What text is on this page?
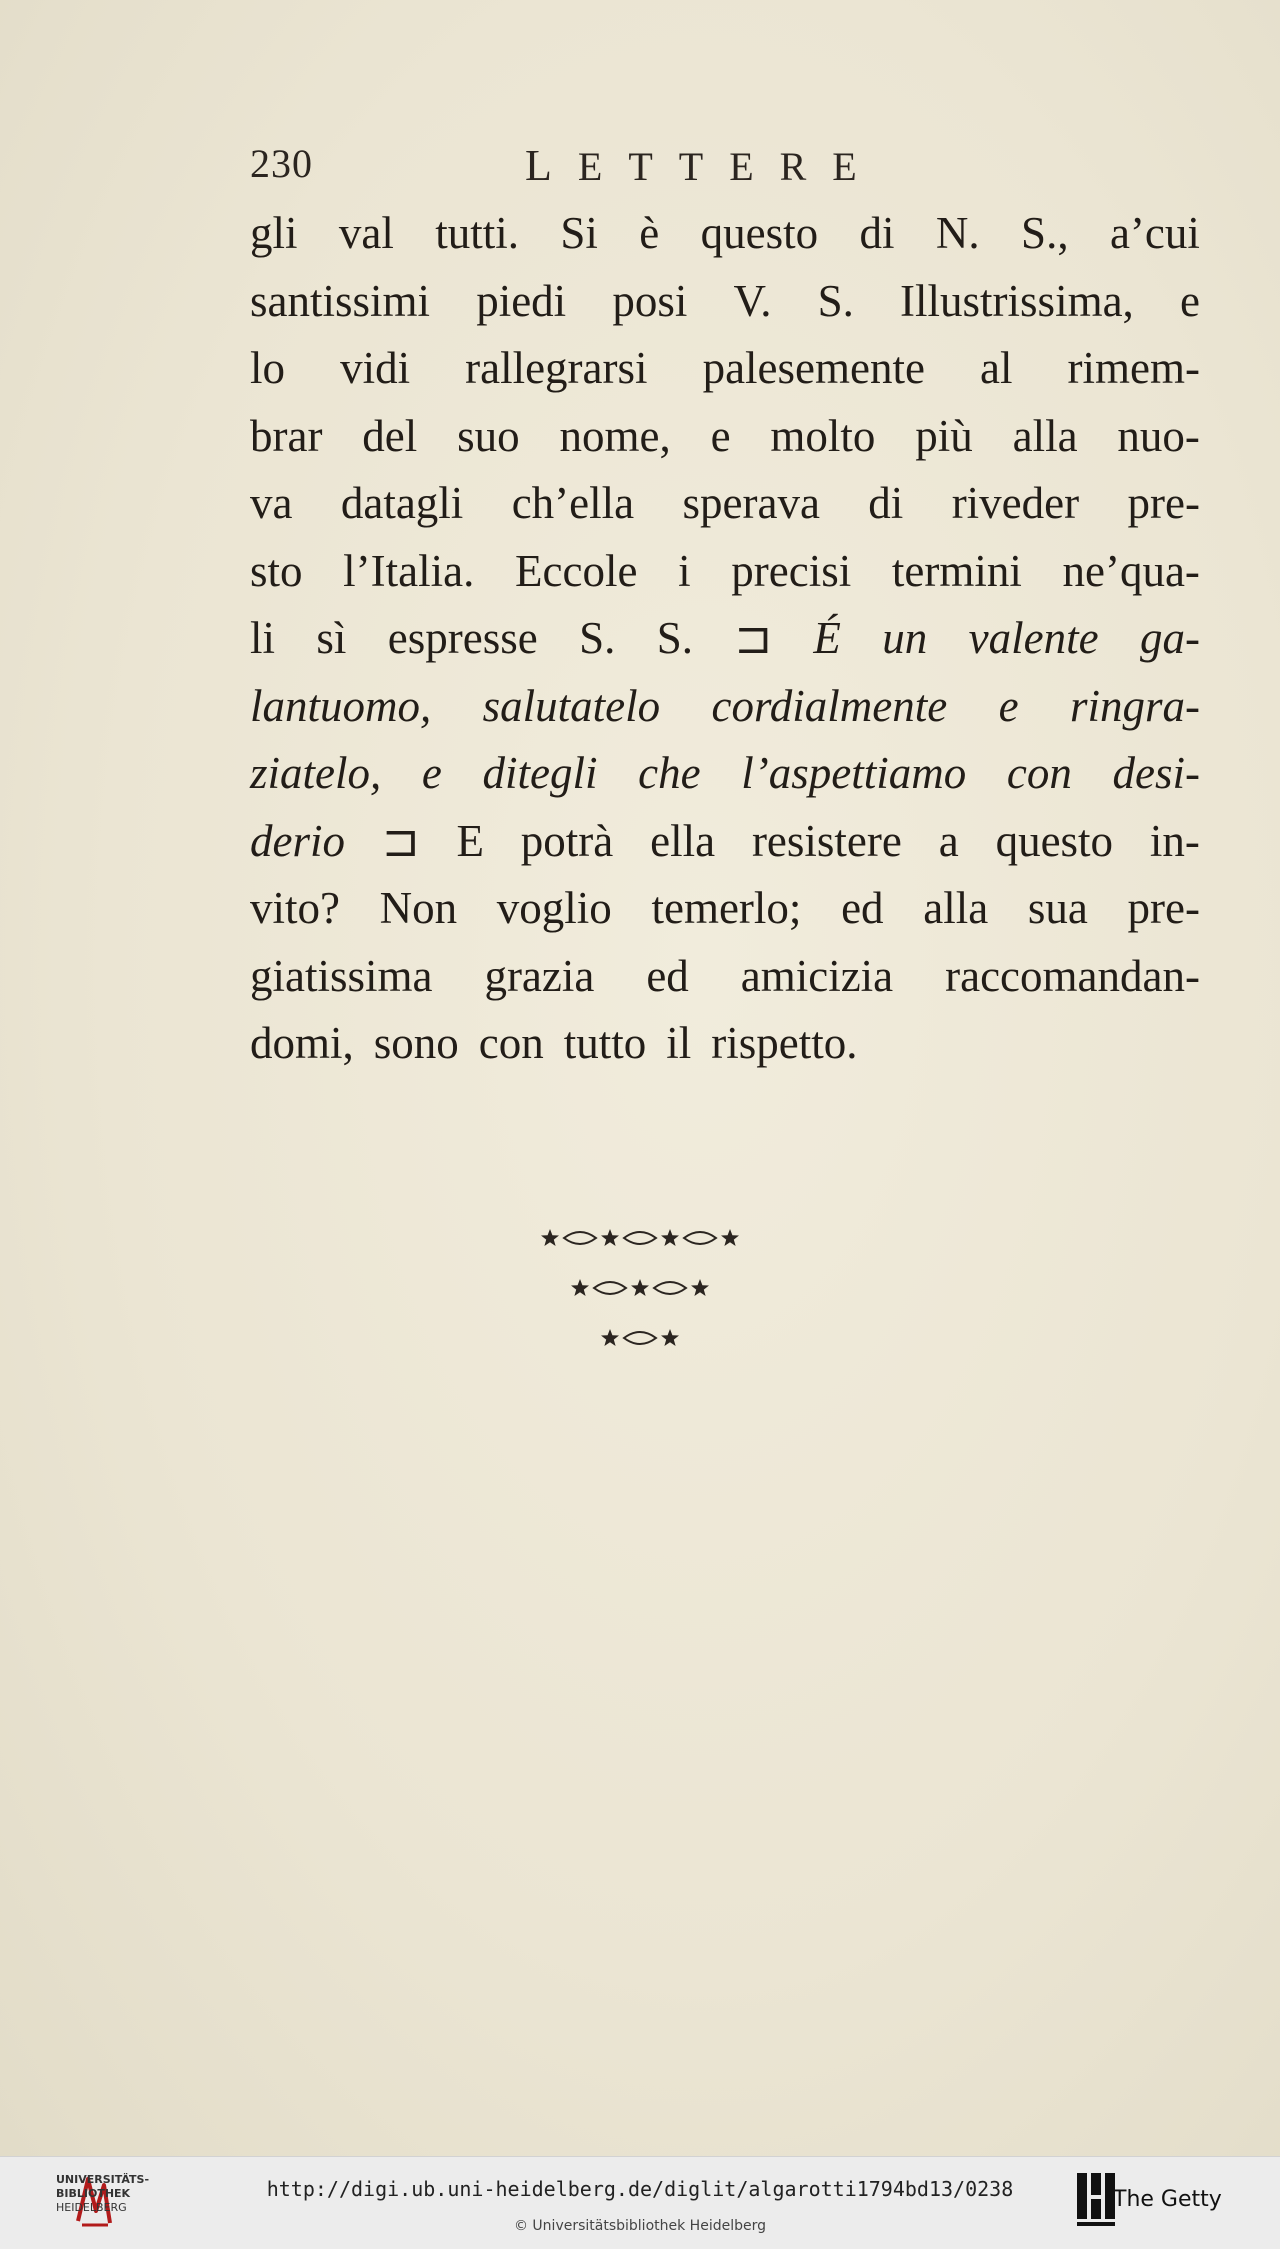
230	LETTERE
gli val tutti. Si è questo di N. S., a’cui
santissimi piedi posi V. S. Illustrissima, e
lo vidi rallegrarsi palesemente al rimem-
brar del suo nome, e molto più alla nuo-
va datagli ch’ella sperava di riveder pre-
sto l’Italia. Eccole i precisi termini ne’qua-
li sì espresse S. S. ⊐ É un valente ga-
lantuomo, salutatelo cordialmente e ringra-
ziatelo, e ditegli che l’aspettiamo con desi-
derio ⊐ E potrà ella resistere a questo in-
vito? Non voglio temerlo; ed alla sua pre-
giatissima grazia ed amicizia raccomandan-
domi, sono con tutto il rispetto.
UNIVERSITÄTS-
BIBLIOTHEK
HEIDELBERG
http://digi.ub.uni-heidelberg.de/diglit/algarotti1794bd13/0238
© Universitätsbibliothek Heidelberg
The Getty
